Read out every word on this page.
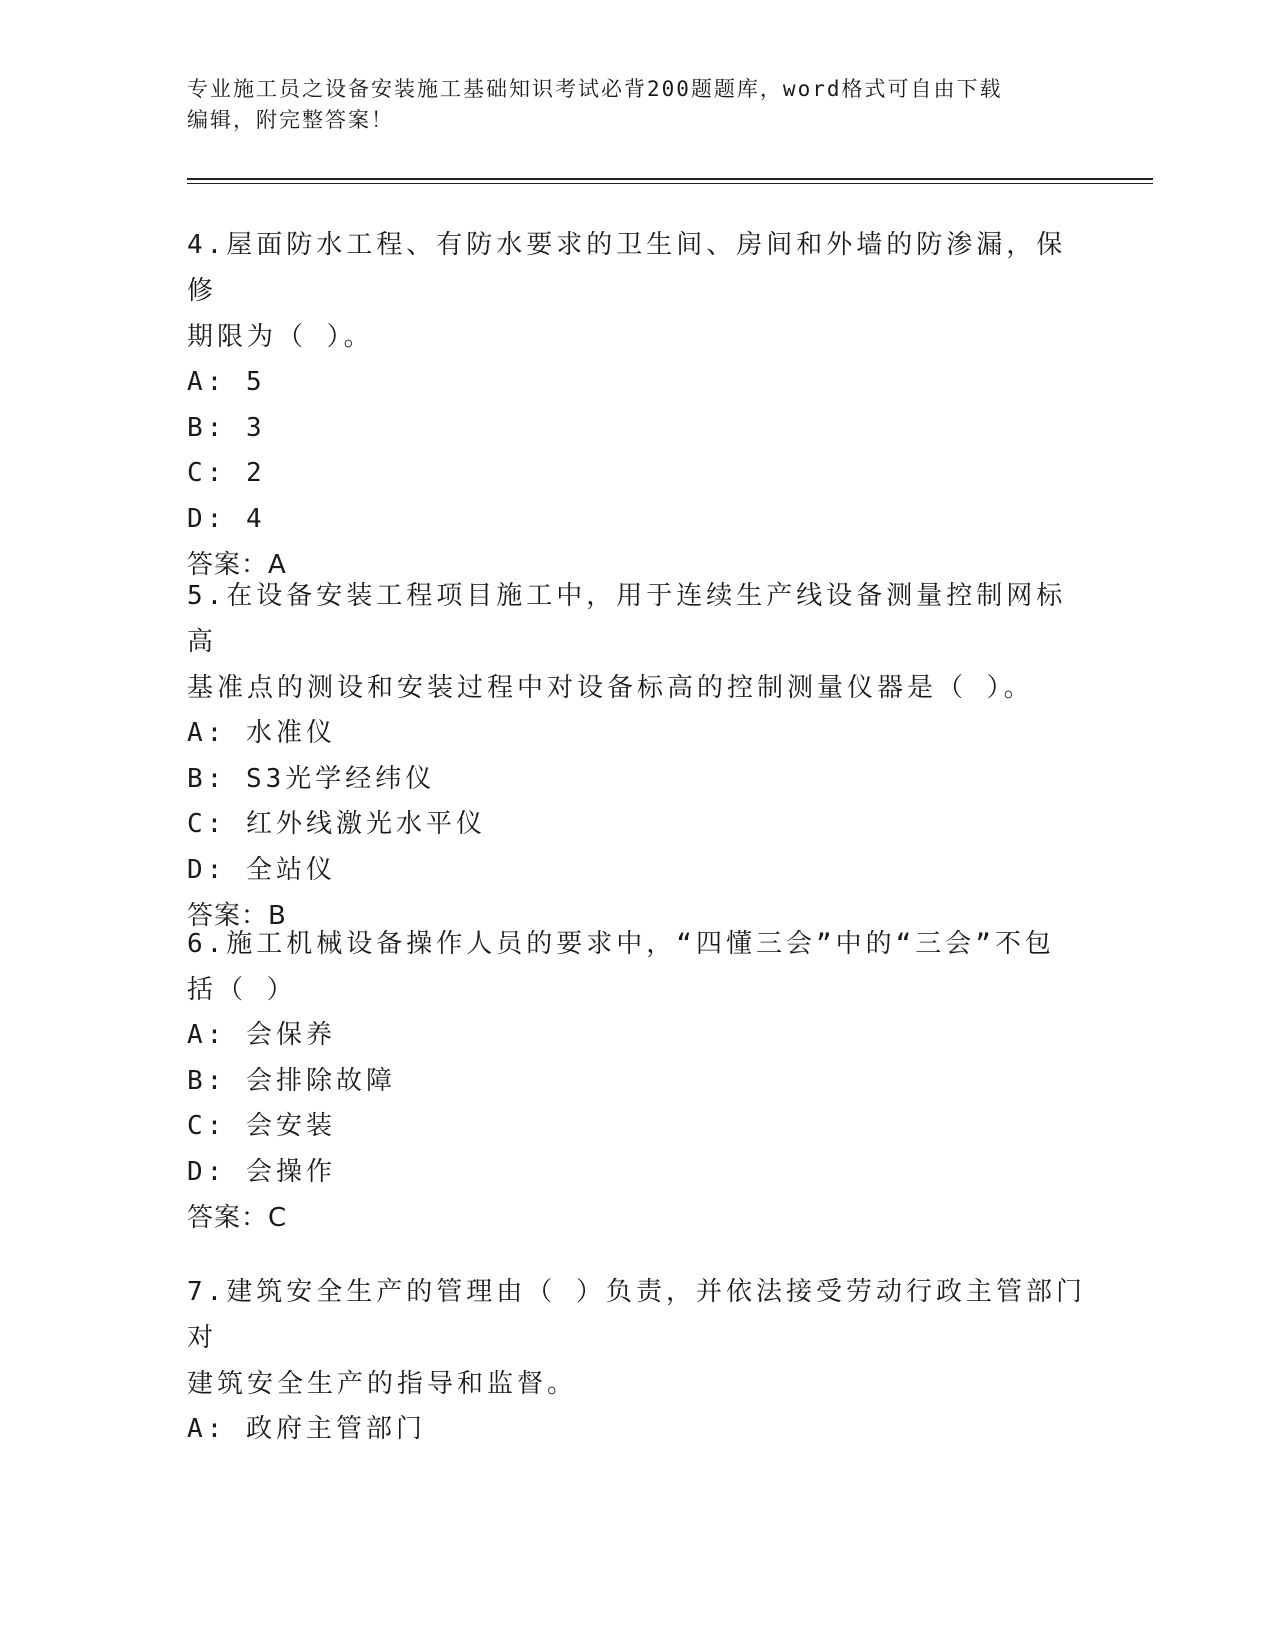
专业施工员之设备安装施工基础知识考试必背200题题库，word格式可自由下载
编辑，附完整答案！

4.屋面防水工程、有防水要求的卫生间、房间和外墙的防渗漏，保修

期限为（ ）。

A: 5

B: 3

C: 2

D: 4

答案：A

5.在设备安装工程项目施工中，用于连续生产线设备测量控制网标高

基准点的测设和安装过程中对设备标高的控制测量仪器是（ ）。

A: 水准仪

B: S3光学经纬仪

C: 红外线激光水平仪

D: 全站仪

答案：B

6.施工机械设备操作人员的要求中，“四懂三会”中的“三会”不包

括（ ）

A: 会保养

B: 会排除故障

C: 会安装

D: 会操作

答案：C

7.建筑安全生产的管理由（ ）负责，并依法接受劳动行政主管部门对

建筑安全生产的指导和监督。

A: 政府主管部门
